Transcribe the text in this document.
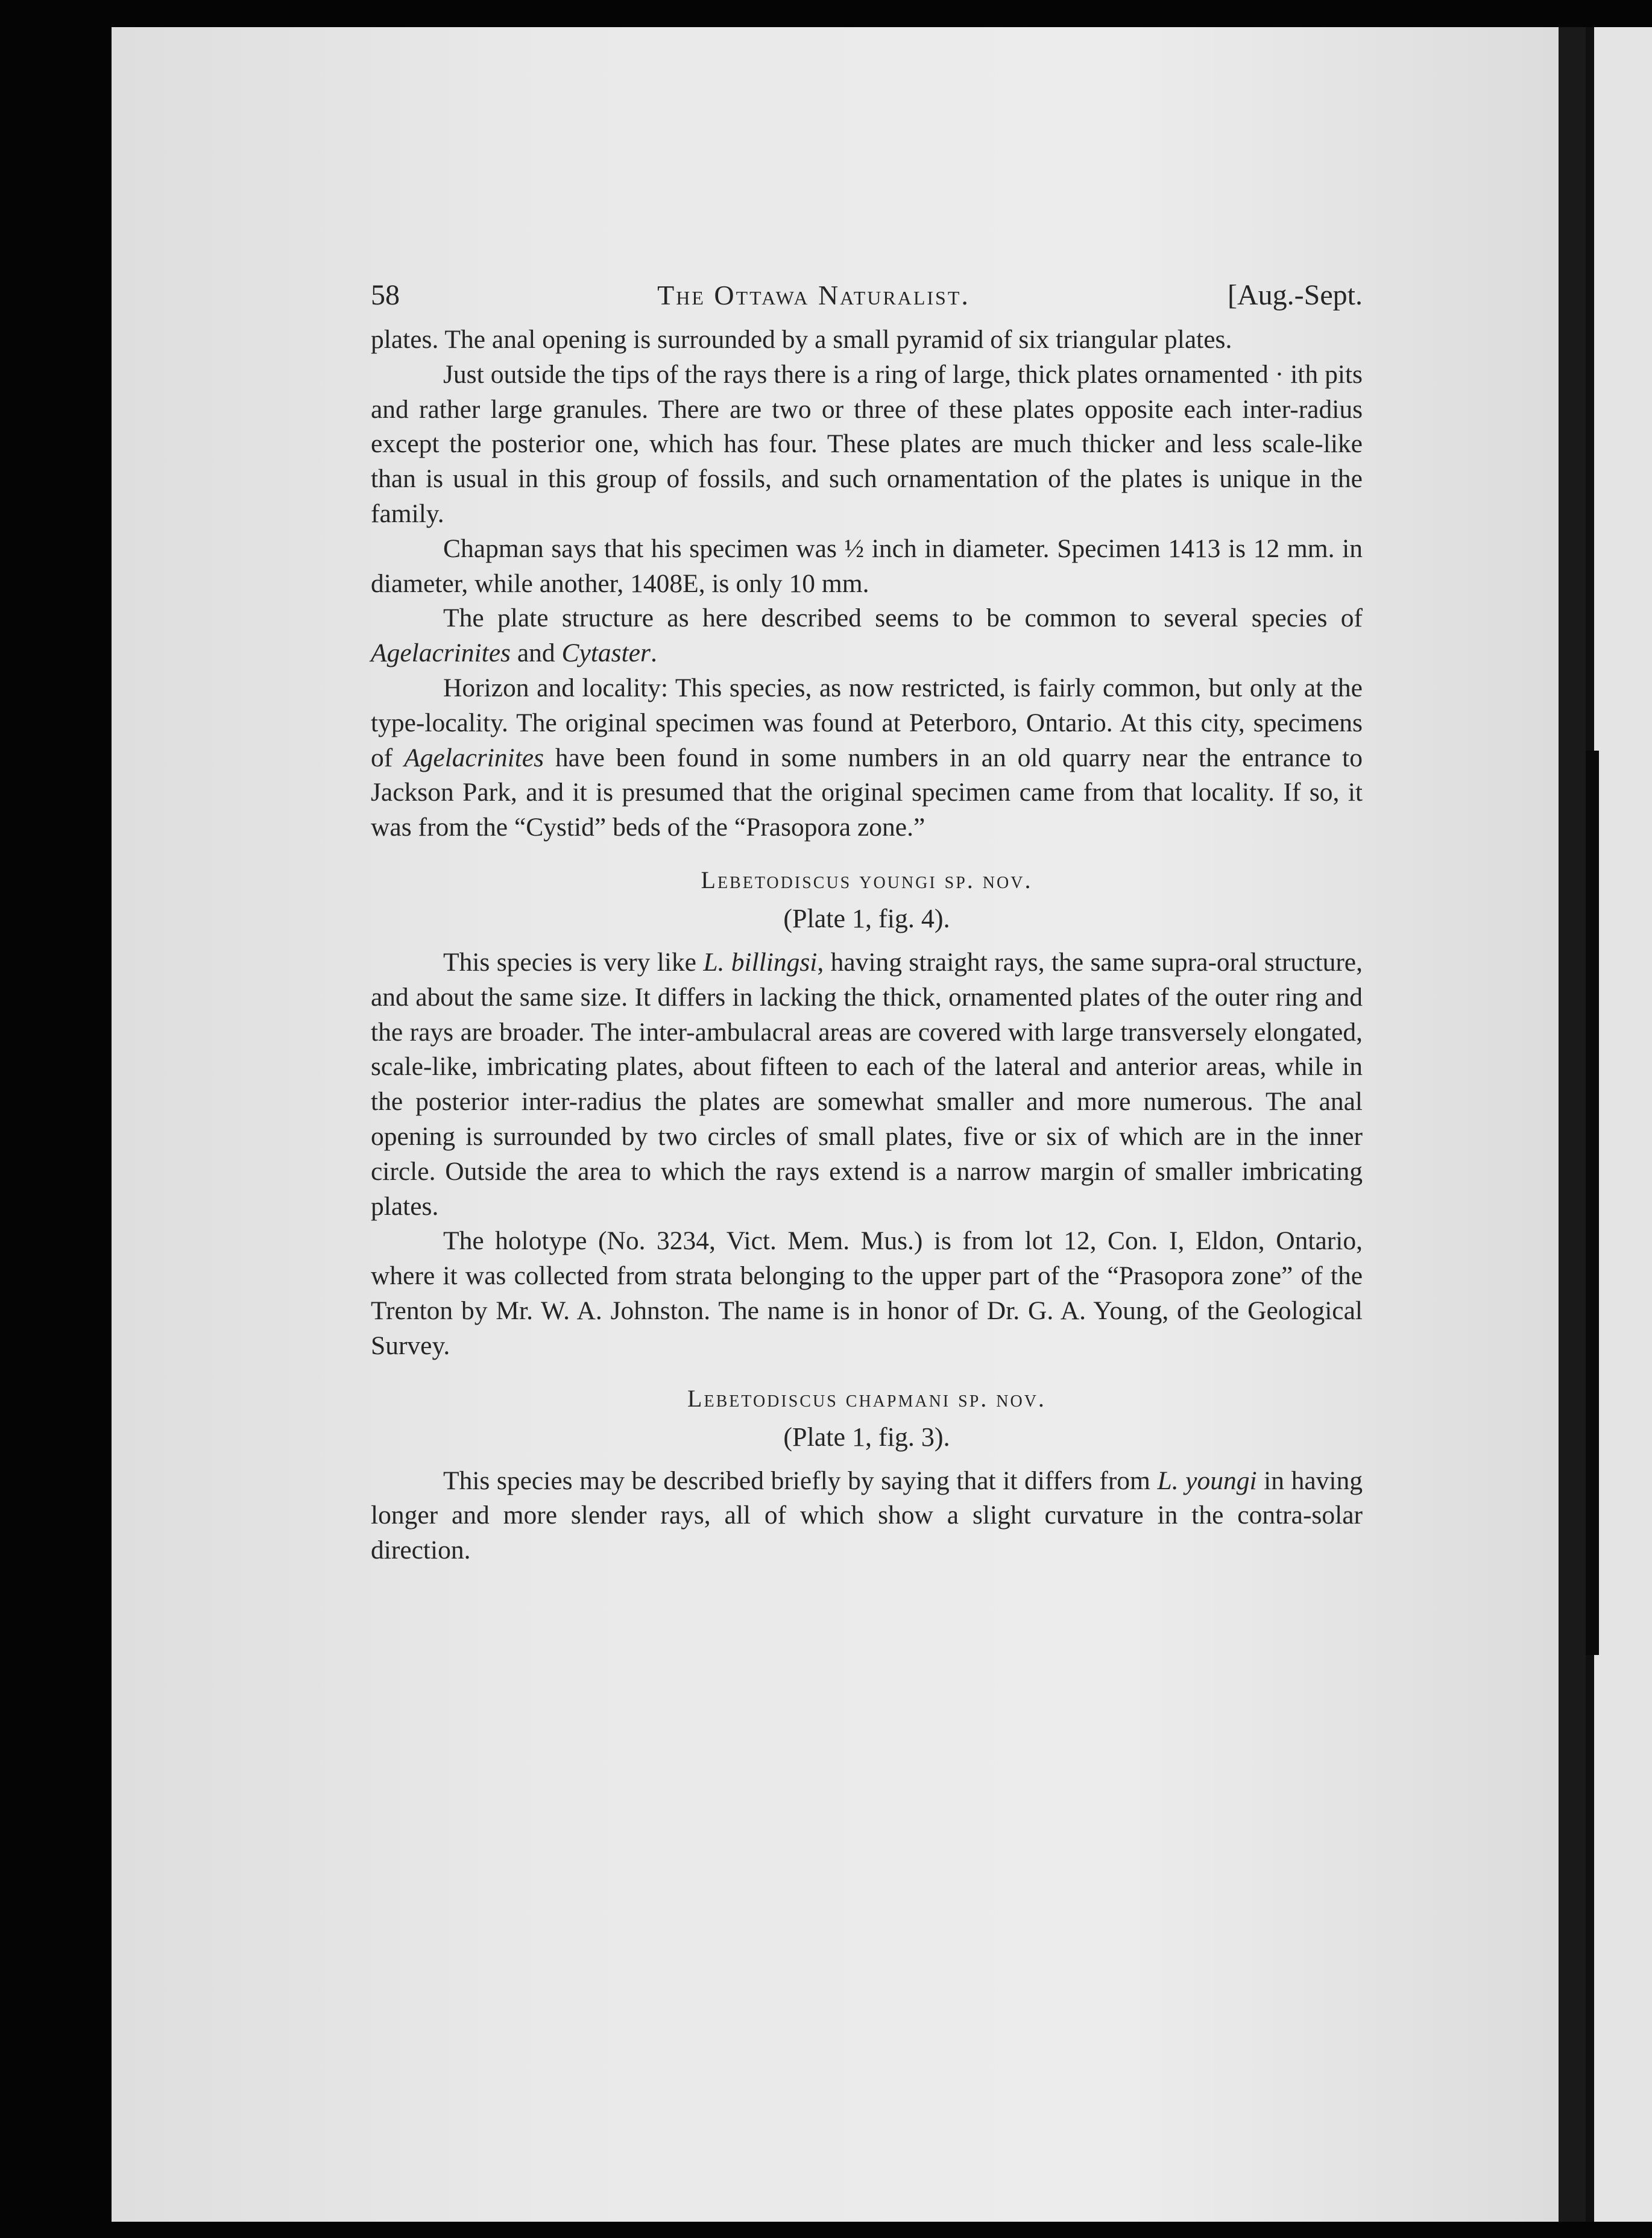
58	The Ottawa Naturalist.	[Aug.-Sept.

plates. The anal opening is surrounded by a small pyramid of six triangular plates.

Just outside the tips of the rays there is a ring of large, thick plates ornamented · ith pits and rather large granules. There are two or three of these plates opposite each inter-radius except the posterior one, which has four. These plates are much thicker and less scale-like than is usual in this group of fossils, and such ornamentation of the plates is unique in the family.

Chapman says that his specimen was ½ inch in diameter. Specimen 1413 is 12 mm. in diameter, while another, 1408E, is only 10 mm.

The plate structure as here described seems to be common to several species of Agelacrinites and Cytaster.

Horizon and locality: This species, as now restricted, is fairly common, but only at the type-locality. The original specimen was found at Peterboro, Ontario. At this city, specimens of Agelacrinites have been found in some numbers in an old quarry near the entrance to Jackson Park, and it is presumed that the original specimen came from that locality. If so, it was from the “Cystid” beds of the “Prasopora zone.”

Lebetodiscus youngi sp. nov.
(Plate 1, fig. 4).

This species is very like L. billingsi, having straight rays, the same supra-oral structure, and about the same size. It differs in lacking the thick, ornamented plates of the outer ring and the rays are broader. The inter-ambulacral areas are covered with large transversely elongated, scale-like, imbricating plates, about fifteen to each of the lateral and anterior areas, while in the posterior inter-radius the plates are somewhat smaller and more numerous. The anal opening is surrounded by two circles of small plates, five or six of which are in the inner circle. Outside the area to which the rays extend is a narrow margin of smaller imbricating plates.

The holotype (No. 3234, Vict. Mem. Mus.) is from lot 12, Con. I, Eldon, Ontario, where it was collected from strata belonging to the upper part of the “Prasopora zone” of the Trenton by Mr. W. A. Johnston. The name is in honor of Dr. G. A. Young, of the Geological Survey.

Lebetodiscus chapmani sp. nov.
(Plate 1, fig. 3).

This species may be described briefly by saying that it differs from L. youngi in having longer and more slender rays, all of which show a slight curvature in the contra-solar direction.
